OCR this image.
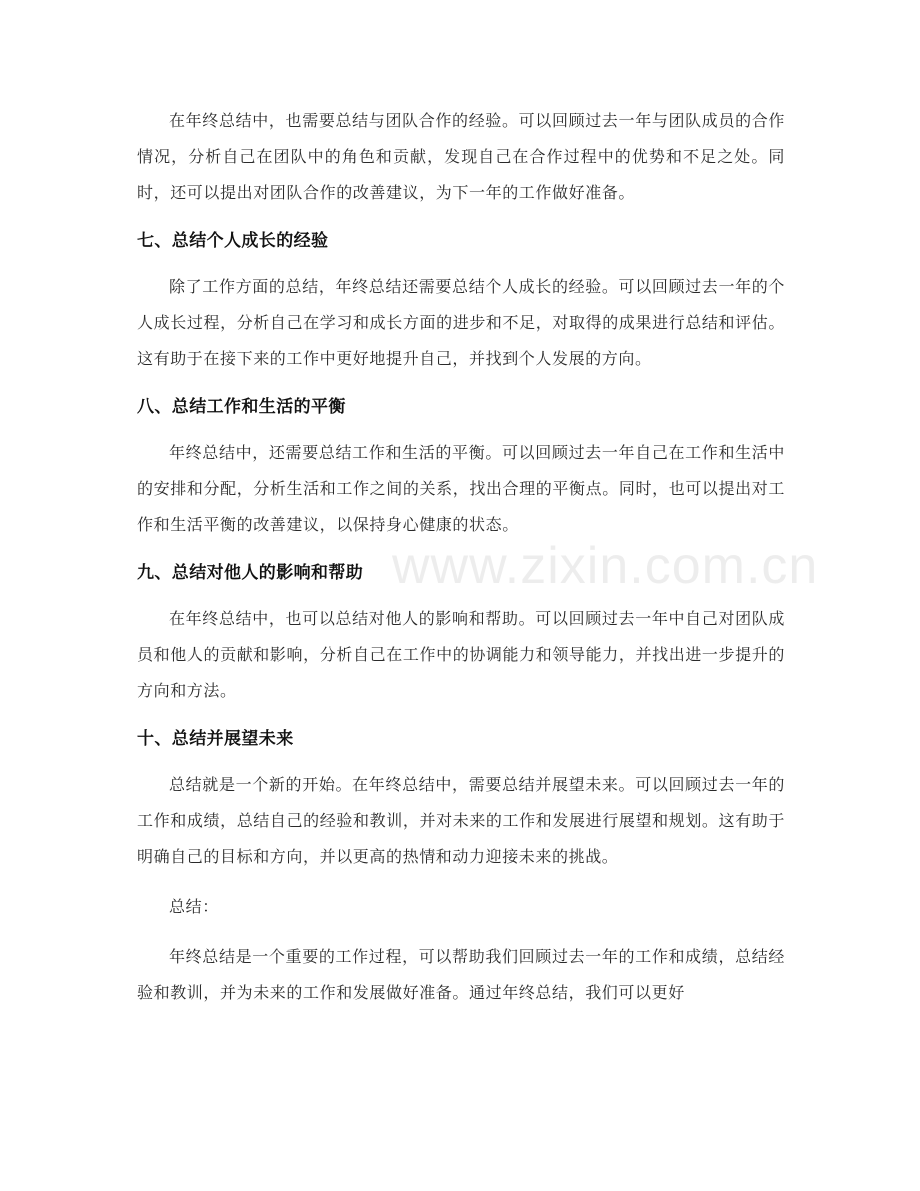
www.zixin.com.cn

在年终总结中，也需要总结与团队合作的经验。可以回顾过去一年与团队成员的合作情况，分析自己在团队中的角色和贡献，发现自己在合作过程中的优势和不足之处。同时，还可以提出对团队合作的改善建议，为下一年的工作做好准备。

七、总结个人成长的经验

除了工作方面的总结，年终总结还需要总结个人成长的经验。可以回顾过去一年的个人成长过程，分析自己在学习和成长方面的进步和不足，对取得的成果进行总结和评估。这有助于在接下来的工作中更好地提升自己，并找到个人发展的方向。

八、总结工作和生活的平衡

年终总结中，还需要总结工作和生活的平衡。可以回顾过去一年自己在工作和生活中的安排和分配，分析生活和工作之间的关系，找出合理的平衡点。同时，也可以提出对工作和生活平衡的改善建议，以保持身心健康的状态。

九、总结对他人的影响和帮助

在年终总结中，也可以总结对他人的影响和帮助。可以回顾过去一年中自己对团队成员和他人的贡献和影响，分析自己在工作中的协调能力和领导能力，并找出进一步提升的方向和方法。

十、总结并展望未来

总结就是一个新的开始。在年终总结中，需要总结并展望未来。可以回顾过去一年的工作和成绩，总结自己的经验和教训，并对未来的工作和发展进行展望和规划。这有助于明确自己的目标和方向，并以更高的热情和动力迎接未来的挑战。

总结：

年终总结是一个重要的工作过程，可以帮助我们回顾过去一年的工作和成绩，总结经验和教训，并为未来的工作和发展做好准备。通过年终总结，我们可以更好
